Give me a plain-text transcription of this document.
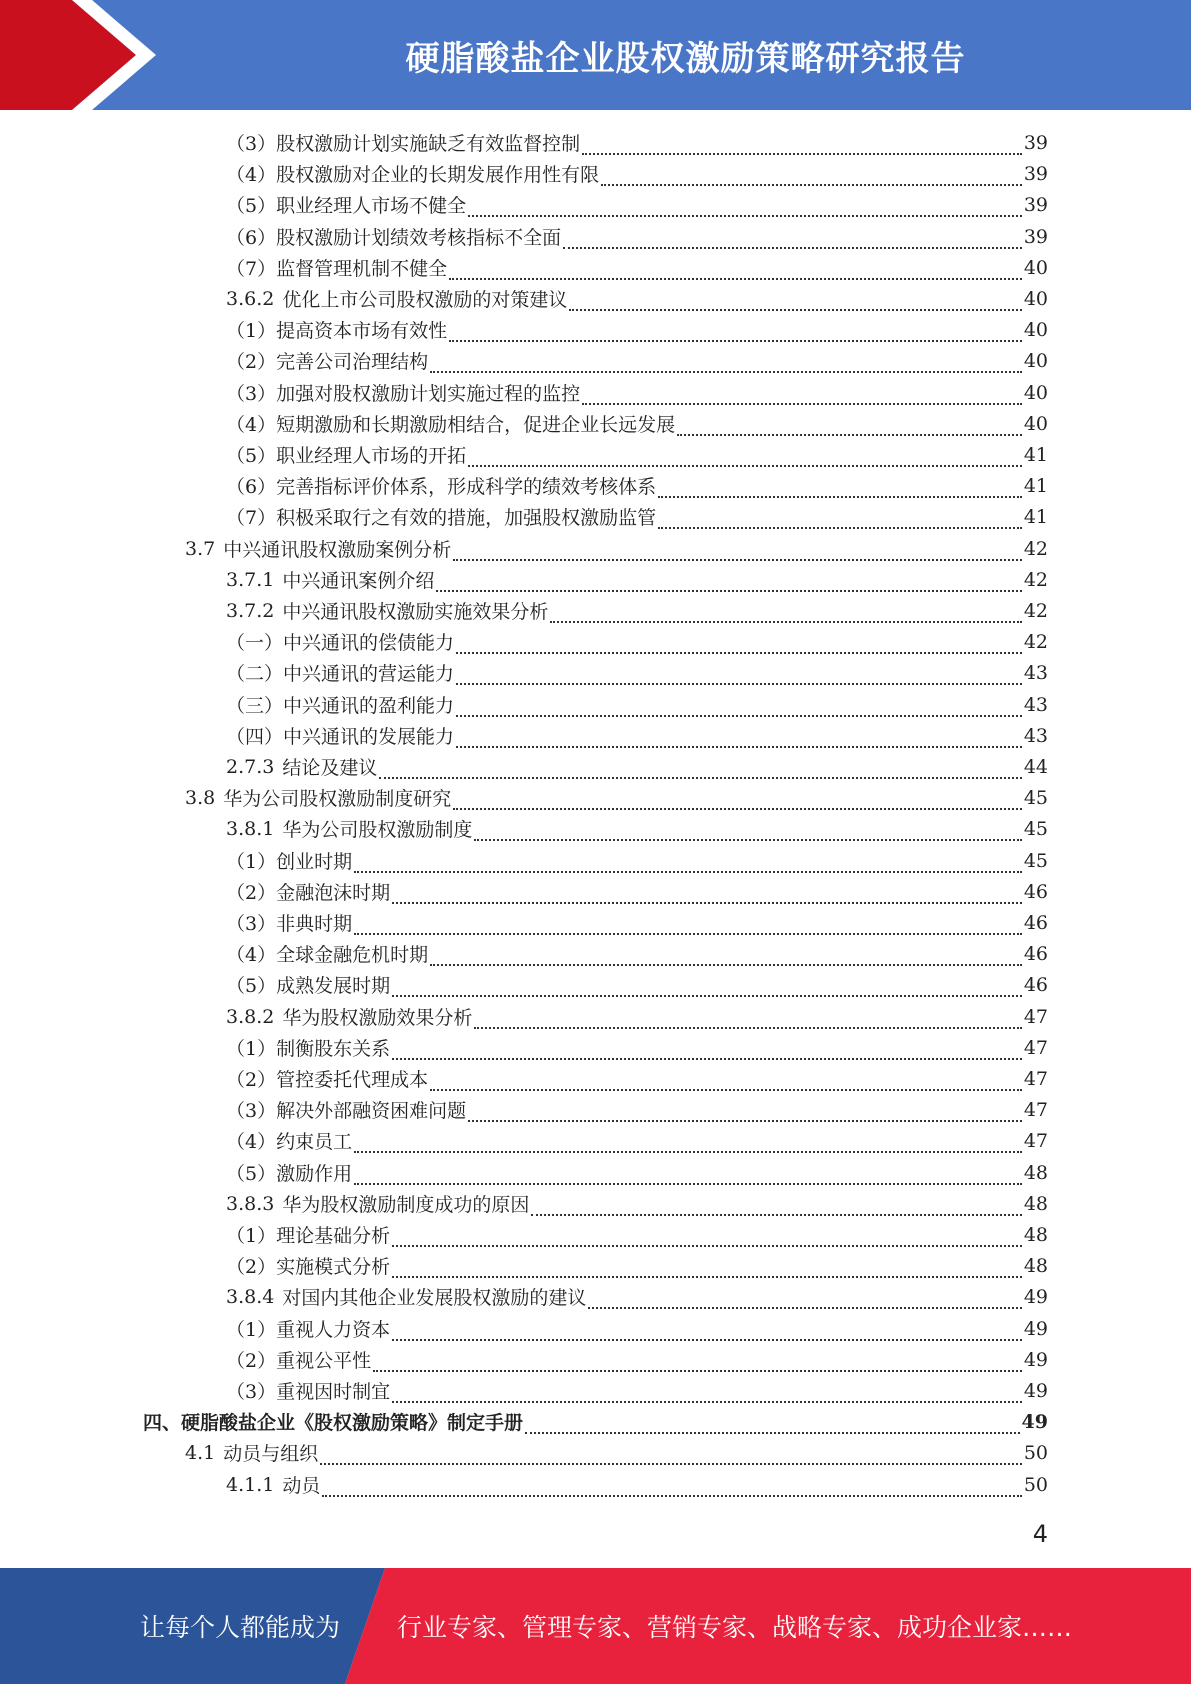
硬脂酸盐企业股权激励策略研究报告
（3） 股权激励计划实施缺乏有效监督控制	39
（4） 股权激励对企业的长期发展作用性有限	39
（5） 职业经理人市场不健全	39
（6） 股权激励计划绩效考核指标不全面	39
（7） 监督管理机制不健全	40
3.6.2 优化上市公司股权激励的对策建议	40
（1） 提高资本市场有效性	40
（2） 完善公司治理结构	40
（3） 加强对股权激励计划实施过程的监控	40
（4） 短期激励和长期激励相结合，促进企业长远发展	40
（5） 职业经理人市场的开拓	41
（6） 完善指标评价体系，形成科学的绩效考核体系	41
（7） 积极采取行之有效的措施，加强股权激励监管	41
3.7 中兴通讯股权激励案例分析	42
3.7.1 中兴通讯案例介绍	42
3.7.2 中兴通讯股权激励实施效果分析	42
（一） 中兴通讯的偿债能力	42
（二） 中兴通讯的营运能力	43
（三） 中兴通讯的盈利能力	43
（四） 中兴通讯的发展能力	43
2.7.3 结论及建议	44
3.8 华为公司股权激励制度研究	45
3.8.1 华为公司股权激励制度	45
（1） 创业时期	45
（2） 金融泡沫时期	46
（3） 非典时期	46
（4） 全球金融危机时期	46
（5） 成熟发展时期	46
3.8.2 华为股权激励效果分析	47
（1） 制衡股东关系	47
（2） 管控委托代理成本	47
（3） 解决外部融资困难问题	47
（4） 约束员工	47
（5） 激励作用	48
3.8.3 华为股权激励制度成功的原因	48
（1） 理论基础分析	48
（2） 实施模式分析	48
3.8.4 对国内其他企业发展股权激励的建议	49
（1） 重视人力资本	49
（2） 重视公平性	49
（3） 重视因时制宜	49
四、 硬脂酸盐企业《股权激励策略》制定手册	49
4.1 动员与组织	50
4.1.1 动员	50
4
让每个人都能成为 行业专家、管理专家、营销专家、战略专家、成功企业家……
